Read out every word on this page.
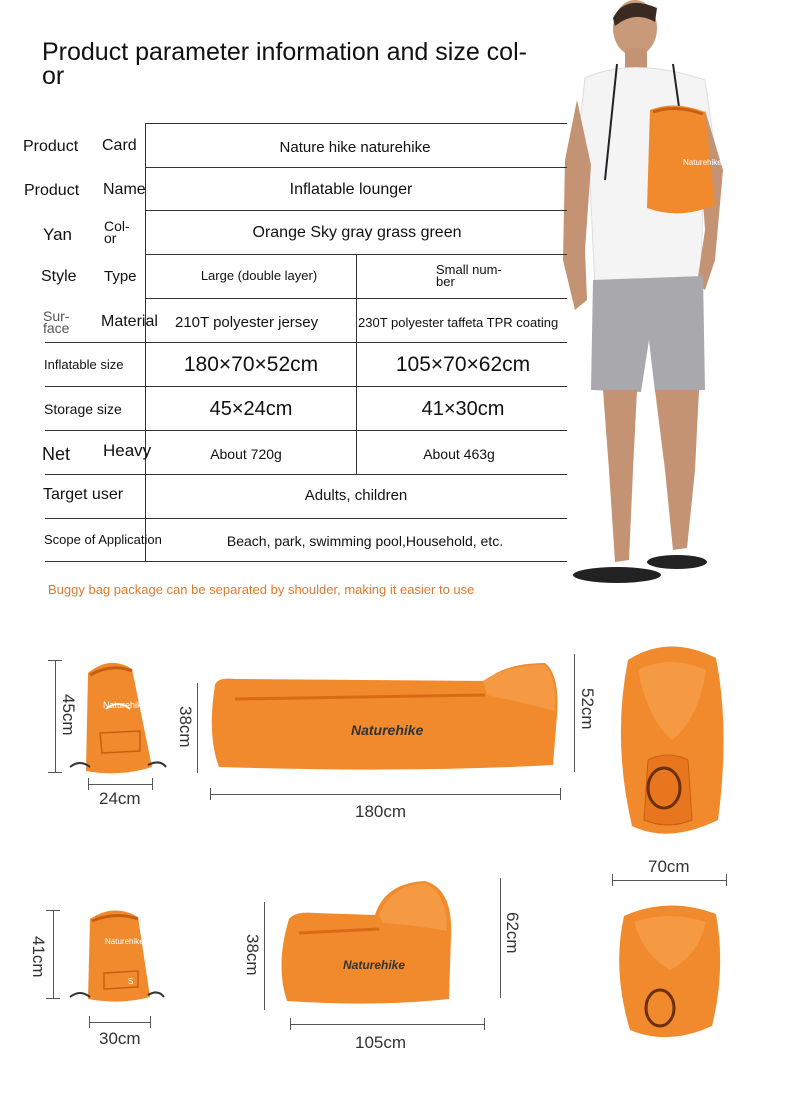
Product parameter information and size col-
or
Naturehike
Product Card	Nature hike naturehike
Product Name	Inflatable lounger
Yan Col-
or	Orange Sky gray grass green
Style Type	Large (double layer)	Small num-
ber
Sur-
face Material 210T polyester jersey	230T polyester taffeta TPR coating
Inflatable size	180×70×52cm	105×70×62cm
Storage size	45×24cm	41×30cm
Net Heavy	About 720g	About 463g
Target user	Adults, children
Scope of Application	Beach, park, swimming pool,Household, etc.
Buggy bag package can be separated by shoulder, making it easier to use
Naturehike
45cm
24cm
Naturehike
38cm
180cm
52cm
70cm
Naturehike
S
41cm
30cm
Naturehike
38cm
105cm
62cm
